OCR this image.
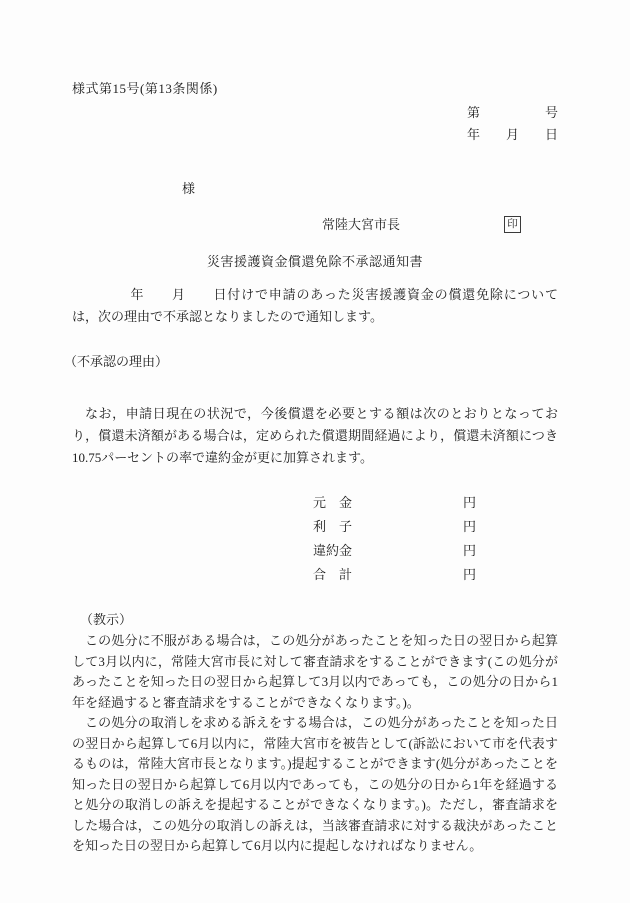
様式第15号(第13条関係)
第　　　　　号
年　　月　　日
様
常陸大宮市長	印
災害援護資金償還免除不承認通知書

年　　月　　日付けで申請のあった災害援護資金の償還免除については，次の理由で不承認となりましたので通知します。

（不承認の理由）

なお，申請日現在の状況で，今後償還を必要とする額は次のとおりとなっており，償還未済額がある場合は，定められた償還期間経過により，償還未済額につき10.75パーセントの率で違約金が更に加算されます。

元　金	円
利　子	円
違約金	円
合　計	円
（教示）

この処分に不服がある場合は，この処分があったことを知った日の翌日から起算して3月以内に，常陸大宮市長に対して審査請求をすることができます(この処分があったことを知った日の翌日から起算して3月以内であっても，この処分の日から1年を経過すると審査請求をすることができなくなります。)。

この処分の取消しを求める訴えをする場合は，この処分があったことを知った日の翌日から起算して6月以内に，常陸大宮市を被告として(訴訟において市を代表するものは，常陸大宮市長となります。)提起することができます(処分があったことを知った日の翌日から起算して6月以内であっても，この処分の日から1年を経過すると処分の取消しの訴えを提起することができなくなります。)。ただし，審査請求をした場合は，この処分の取消しの訴えは，当該審査請求に対する裁決があったことを知った日の翌日から起算して6月以内に提起しなければなりません。
